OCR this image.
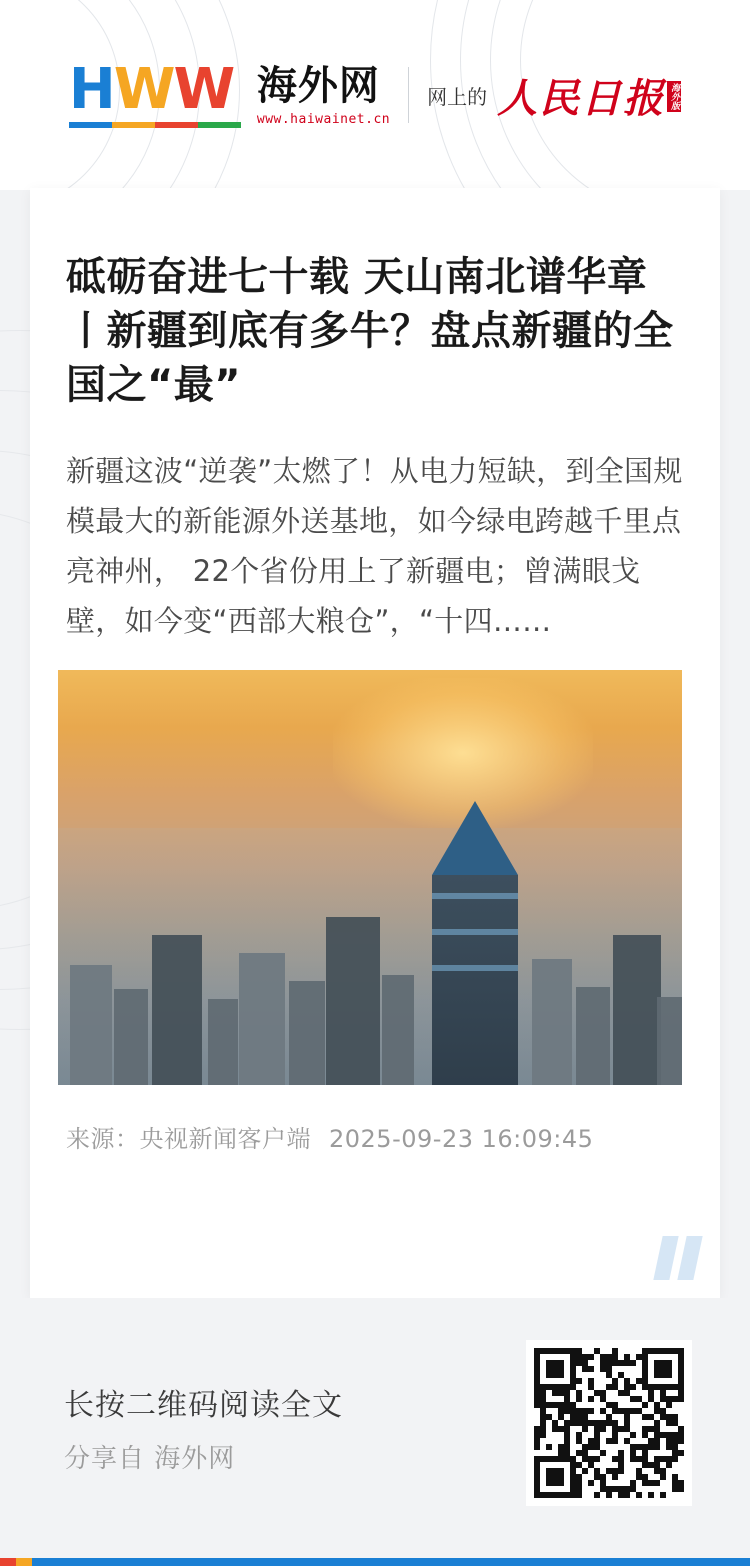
H W W 海外网
www.haiwainet.cn
网上的 人民日报 海外版
砥砺奋进七十载 天山南北谱华章丨新疆到底有多牛？盘点新疆的全国之“最”

新疆这波“逆袭”太燃了！从电力短缺，到全国规模最大的新能源外送基地，如今绿电跨越千里点亮神州， 22个省份用上了新疆电；曾满眼戈壁，如今变“西部大粮仓”，“十四……

来源：央视新闻客户端 2025-09-23 16:09:45
长按二维码阅读全文
分享自 海外网
